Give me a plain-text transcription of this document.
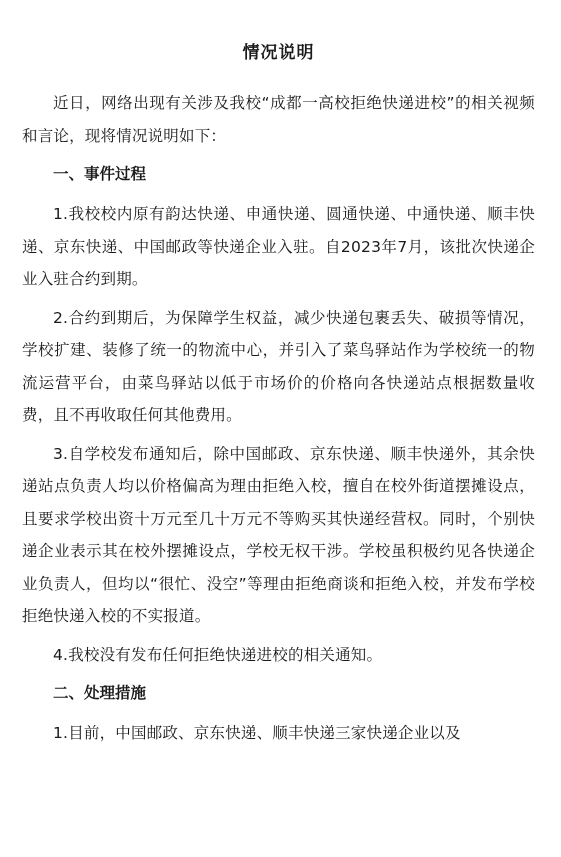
情况说明

近日，网络出现有关涉及我校“成都一高校拒绝快递进校”的相关视频和言论，现将情况说明如下：

一、事件过程

1.我校校内原有韵达快递、申通快递、圆通快递、中通快递、顺丰快递、京东快递、中国邮政等快递企业入驻。自2023年7月，该批次快递企业入驻合约到期。

2.合约到期后，为保障学生权益，减少快递包裹丢失、破损等情况，学校扩建、装修了统一的物流中心，并引入了菜鸟驿站作为学校统一的物流运营平台，由菜鸟驿站以低于市场价的价格向各快递站点根据数量收费，且不再收取任何其他费用。

3.自学校发布通知后，除中国邮政、京东快递、顺丰快递外，其余快递站点负责人均以价格偏高为理由拒绝入校，擅自在校外街道摆摊设点，且要求学校出资十万元至几十万元不等购买其快递经营权。同时，个别快递企业表示其在校外摆摊设点，学校无权干涉。学校虽积极约见各快递企业负责人，但均以“很忙、没空”等理由拒绝商谈和拒绝入校，并发布学校拒绝快递入校的不实报道。

4.我校没有发布任何拒绝快递进校的相关通知。

二、处理措施

1.目前，中国邮政、京东快递、顺丰快递三家快递企业以及
